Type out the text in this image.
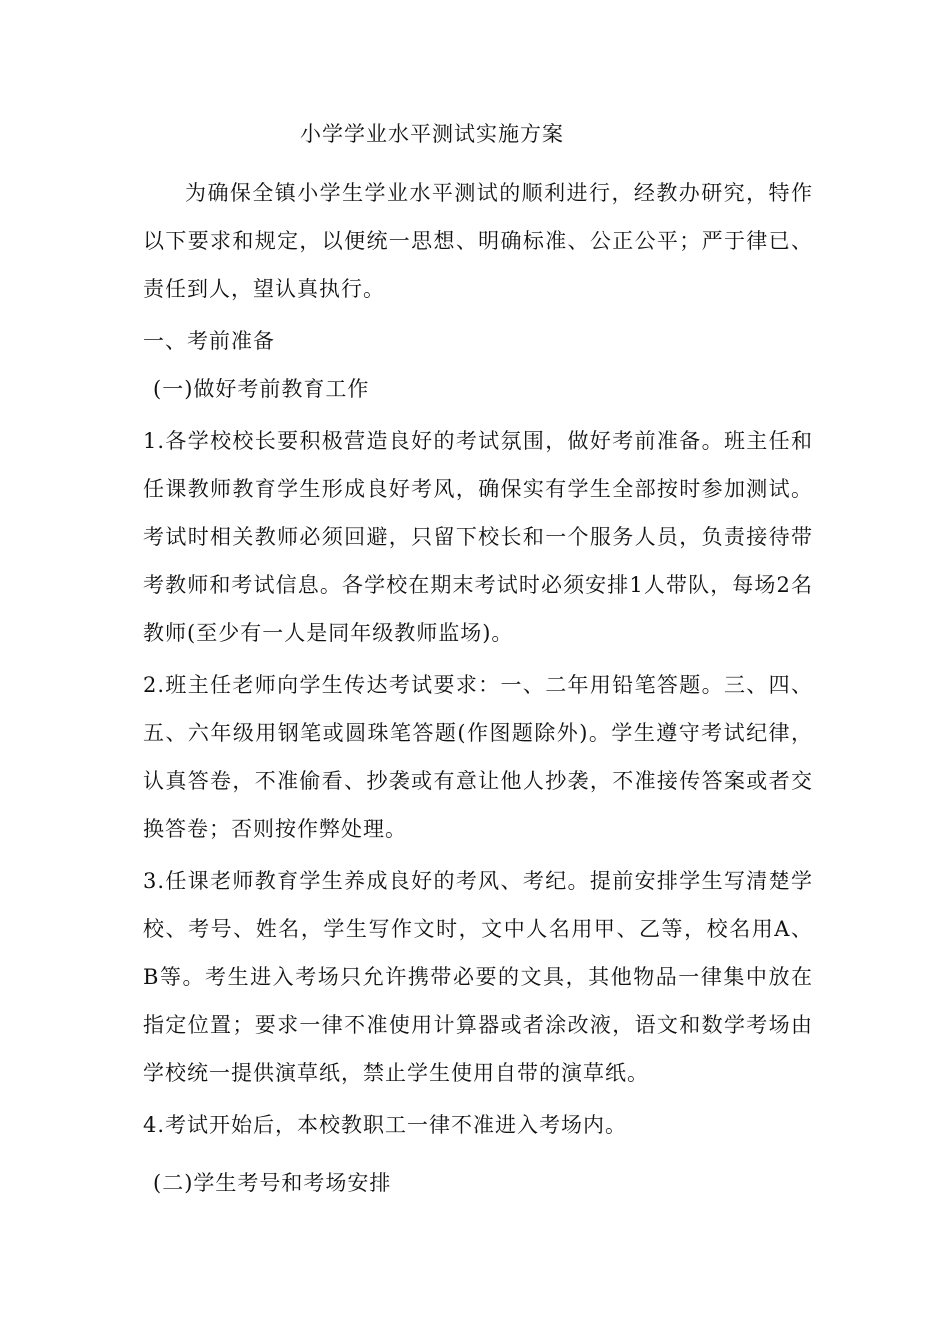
小学学业水平测试实施方案

为确保全镇小学生学业水平测试的顺利进行，经教办研究，特作以下要求和规定，以便统一思想、明确标准、公正公平；严于律已、责任到人，望认真执行。

一、考前准备

(一)做好考前教育工作

1.各学校校长要积极营造良好的考试氛围，做好考前准备。班主任和任课教师教育学生形成良好考风，确保实有学生全部按时参加测试。考试时相关教师必须回避，只留下校长和一个服务人员，负责接待带考教师和考试信息。各学校在期末考试时必须安排1人带队，每场2名教师(至少有一人是同年级教师监场)。

2.班主任老师向学生传达考试要求：一、二年用铅笔答题。三、四、五、六年级用钢笔或圆珠笔答题(作图题除外)。学生遵守考试纪律，认真答卷，不准偷看、抄袭或有意让他人抄袭，不准接传答案或者交换答卷；否则按作弊处理。

3.任课老师教育学生养成良好的考风、考纪。提前安排学生写清楚学校、考号、姓名，学生写作文时，文中人名用甲、乙等，校名用A、B等。考生进入考场只允许携带必要的文具，其他物品一律集中放在指定位置；要求一律不准使用计算器或者涂改液，语文和数学考场由学校统一提供演草纸，禁止学生使用自带的演草纸。

4.考试开始后，本校教职工一律不准进入考场内。

(二)学生考号和考场安排
